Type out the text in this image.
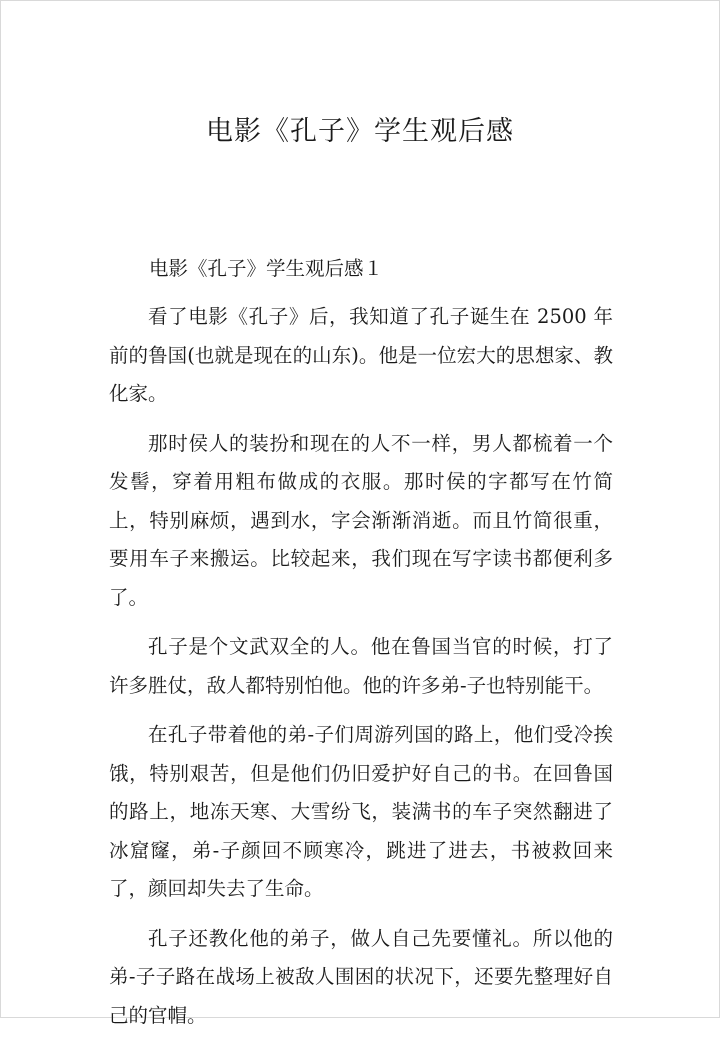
电影《孔子》学生观后感

电影《孔子》学生观后感１

看了电影《孔子》后，我知道了孔子诞生在 2500 年前的鲁国(也就是现在的山东)。他是一位宏大的思想家、教化家。

那时侯人的装扮和现在的人不一样，男人都梳着一个发髻，穿着用粗布做成的衣服。那时侯的字都写在竹简上，特别麻烦，遇到水，字会渐渐消逝。而且竹简很重，要用车子来搬运。比较起来，我们现在写字读书都便利多了。

孔子是个文武双全的人。他在鲁国当官的时候，打了许多胜仗，敌人都特别怕他。他的许多弟-子也特别能干。

在孔子带着他的弟-子们周游列国的路上，他们受冷挨饿，特别艰苦，但是他们仍旧爱护好自己的书。在回鲁国的路上，地冻天寒、大雪纷飞，装满书的车子突然翻进了冰窟窿，弟-子颜回不顾寒冷，跳进了进去，书被救回来了，颜回却失去了生命。

孔子还教化他的弟子，做人自己先要懂礼。所以他的弟-子子路在战场上被敌人围困的状况下，还要先整理好自己的官帽。
